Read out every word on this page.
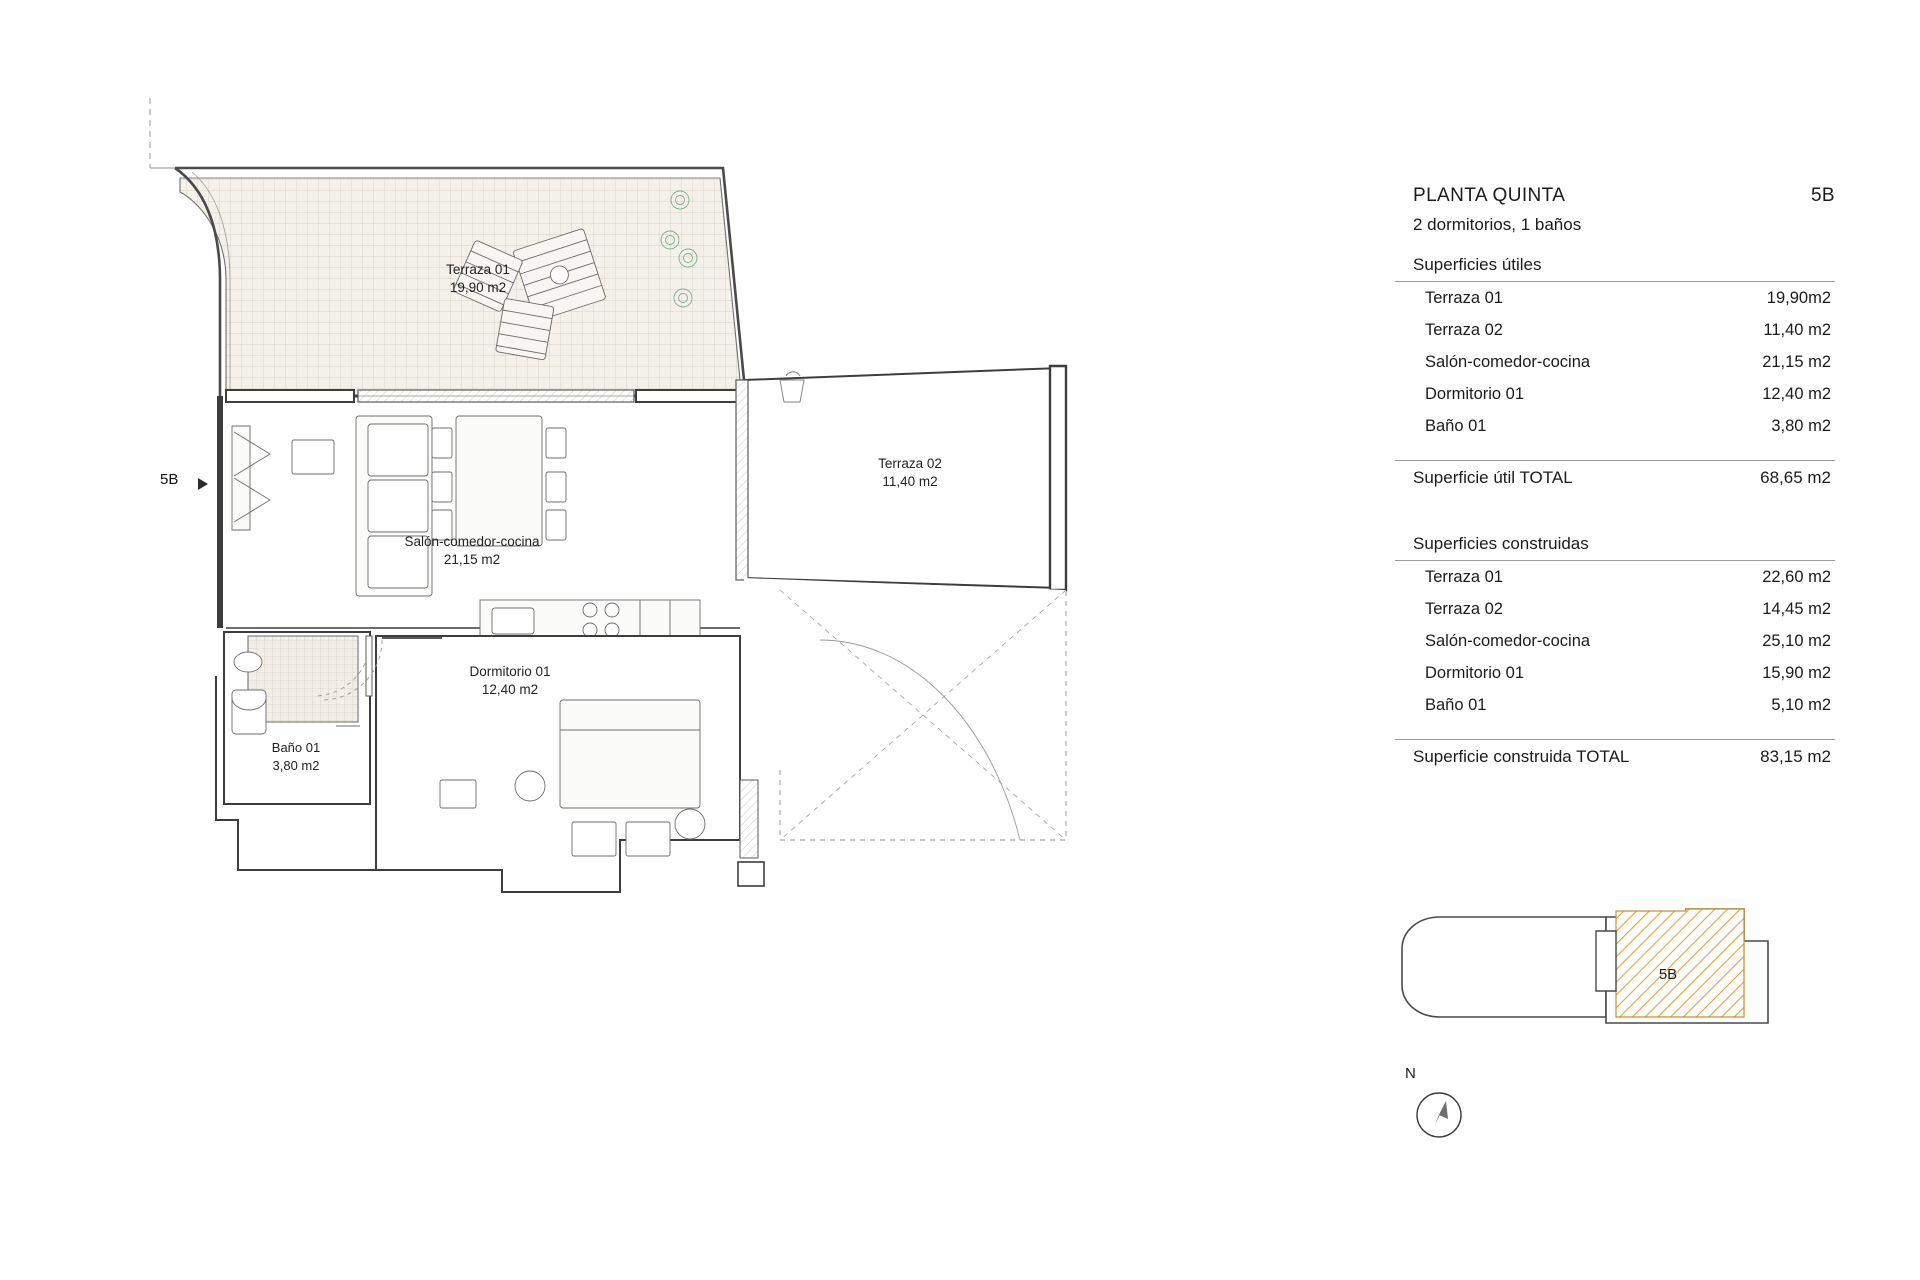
Terraza 01
19,90 m2
Salón-comedor-cocina
21,15 m2
Baño 01
3,80 m2
Dormitorio 01
12,40 m2
Terraza 02
11,40 m2
5B
PLANTA QUINTA	5B
2 dormitorios, 1 baños
Superficies útiles
Terraza 01	19,90m2
Terraza 02	11,40 m2
Salón-comedor-cocina	21,15 m2
Dormitorio 01	12,40 m2
Baño 01	3,80 m2
Superficie útil TOTAL	68,65 m2
Superficies construidas
Terraza 01	22,60 m2
Terraza 02	14,45 m2
Salón-comedor-cocina	25,10 m2
Dormitorio 01	15,90 m2
Baño 01	5,10 m2
Superficie construida TOTAL	83,15 m2
5B
N
